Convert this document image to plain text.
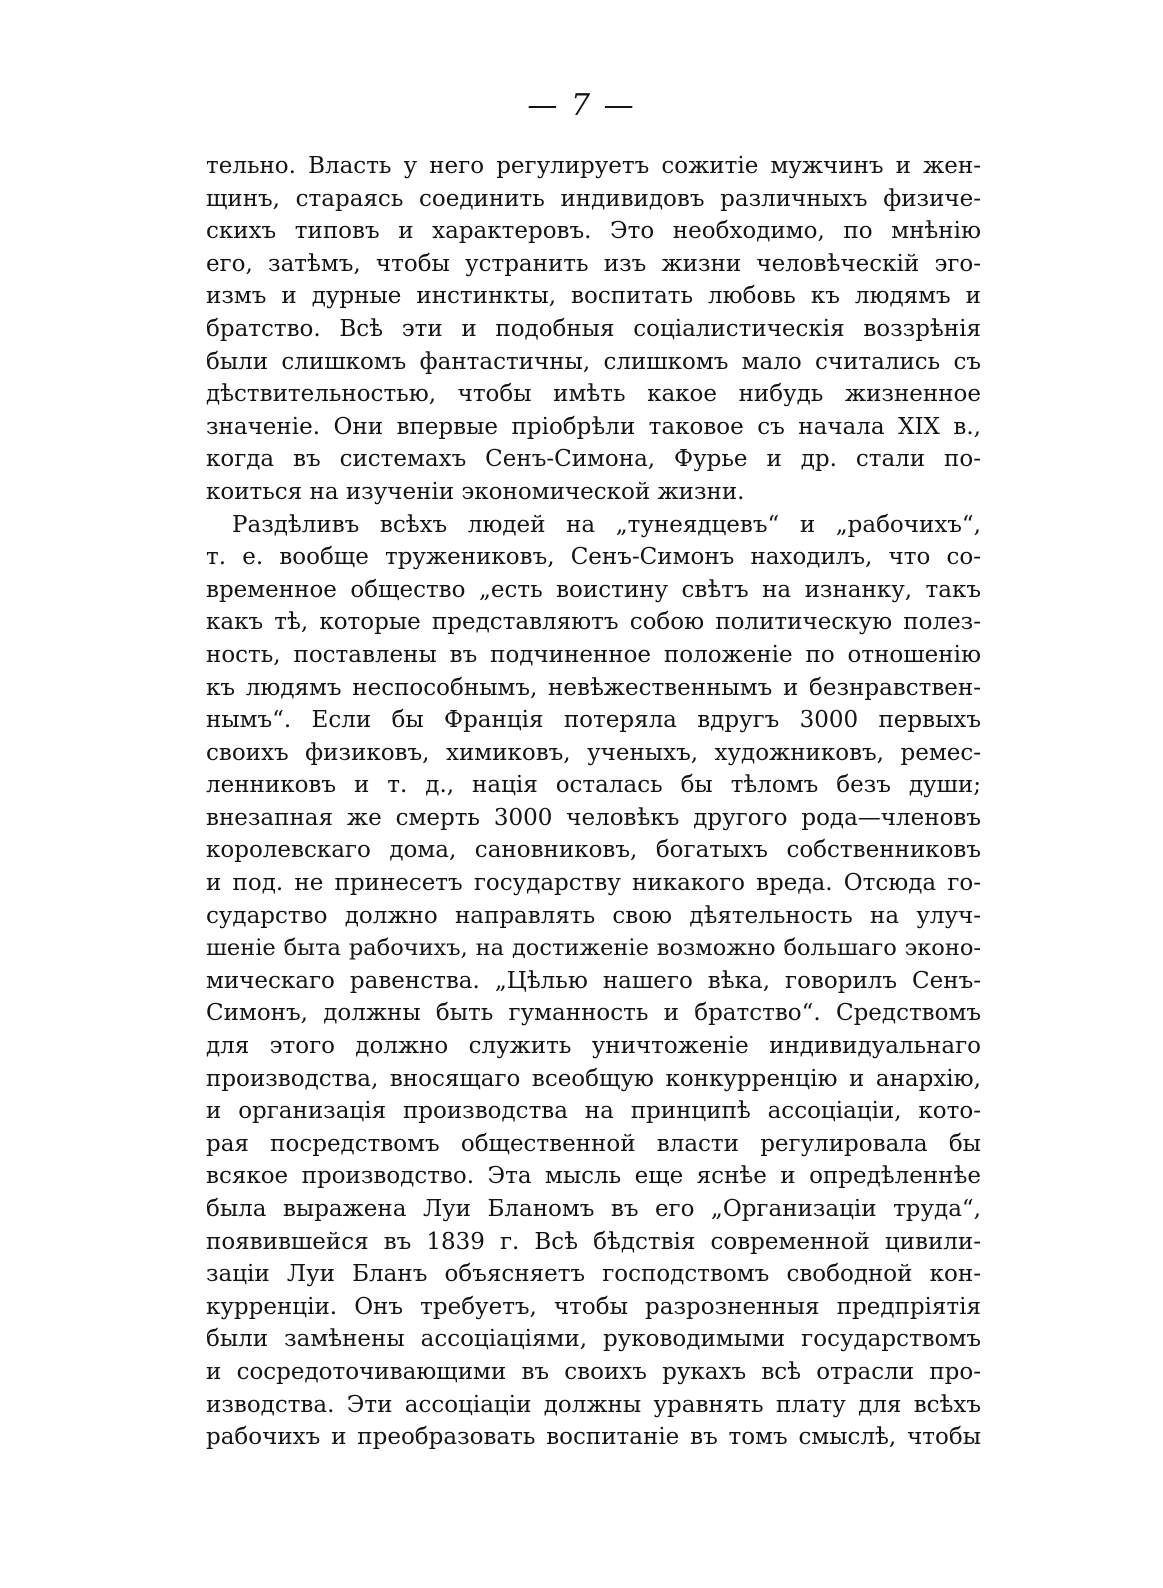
— 7 —
тельно. Власть у него регулируетъ сожитіе мужчинъ и жен-
щинъ, стараясь соединить индивидовъ различныхъ физиче-
скихъ типовъ и характеровъ. Это необходимо, по мнѣнію
его, затѣмъ, чтобы устранить изъ жизни человѣческій эго-
измъ и дурные инстинкты, воспитать любовь къ людямъ и
братство. Всѣ эти и подобныя соціалистическія воззрѣнія
были слишкомъ фантастичны, слишкомъ мало считались съ
дѣствительностью, чтобы имѣть какое нибудь жизненное
значеніе. Они впервые пріобрѣли таковое съ начала XIX в.,
когда въ системахъ Сенъ-Симона, Фурье и др. стали по-
коиться на изученіи экономической жизни.
Раздѣливъ всѣхъ людей на „тунеядцевъ“ и „рабочихъ“,
т. е. вообще тружениковъ, Сенъ-Симонъ находилъ, что со-
временное общество „есть воистину свѣтъ на изнанку, такъ
какъ тѣ, которые представляютъ собою политическую полез-
ность, поставлены въ подчиненное положеніе по отношенію
къ людямъ неспособнымъ, невѣжественнымъ и безнравствен-
нымъ“. Если бы Франція потеряла вдругъ 3000 первыхъ
своихъ физиковъ, химиковъ, ученыхъ, художниковъ, ремес-
ленниковъ и т. д., нація осталась бы тѣломъ безъ души;
внезапная же смерть 3000 человѣкъ другого рода—членовъ
королевскаго дома, сановниковъ, богатыхъ собственниковъ
и под. не принесетъ государству никакого вреда. Отсюда го-
сударство должно направлять свою дѣятельность на улуч-
шеніе быта рабочихъ, на достиженіе возможно большаго эконо-
мическаго равенства. „Цѣлью нашего вѣка, говорилъ Сенъ-
Симонъ, должны быть гуманность и братство“. Средствомъ
для этого должно служить уничтоженіе индивидуальнаго
производства, вносящаго всеобщую конкурренцію и анархію,
и организація производства на принципѣ ассоціаціи, кото-
рая посредствомъ общественной власти регулировала бы
всякое производство. Эта мысль еще яснѣе и опредѣленнѣе
была выражена Луи Бланомъ въ его „Организаціи труда“,
появившейся въ 1839 г. Всѣ бѣдствія современной цивили-
заціи Луи Бланъ объясняетъ господствомъ свободной кон-
курренціи. Онъ требуетъ, чтобы разрозненныя предпріятія
были замѣнены ассоціаціями, руководимыми государствомъ
и сосредоточивающими въ своихъ рукахъ всѣ отрасли про-
изводства. Эти ассоціаціи должны уравнять плату для всѣхъ
рабочихъ и преобразовать воспитаніе въ томъ смыслѣ, чтобы
